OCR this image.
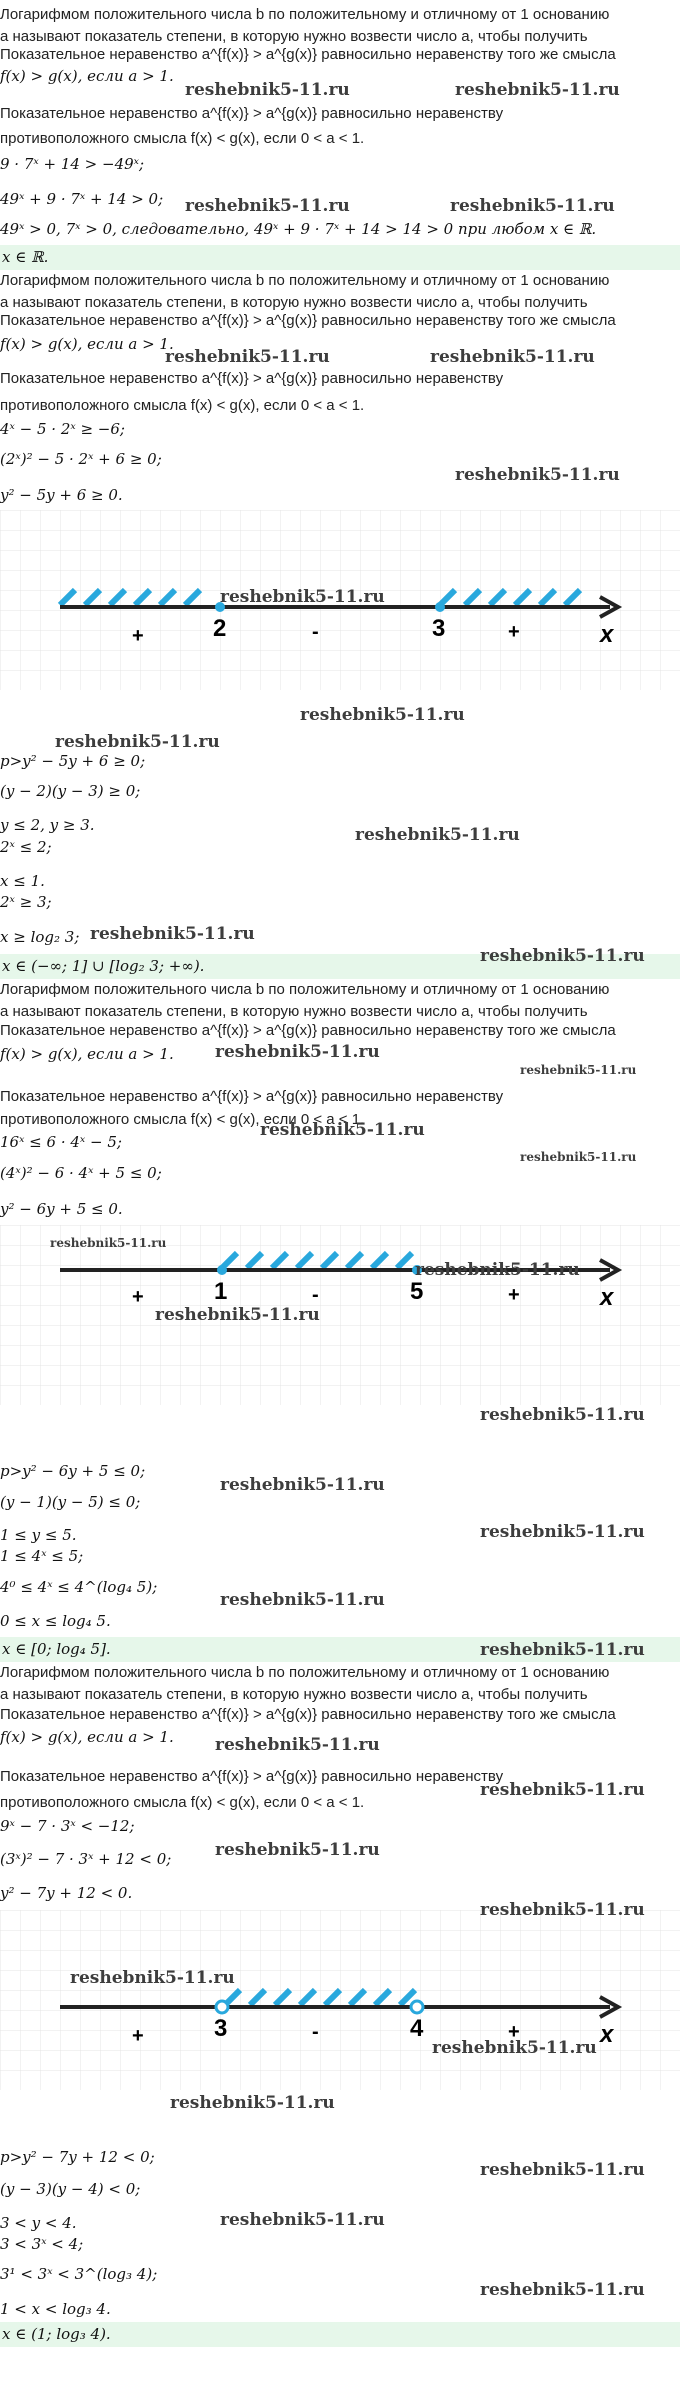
Логарифмом положительного числа b по положительному и отличному от 1 основанию
a называют показатель степени, в которую нужно возвести число a, чтобы получить
Показательное неравенство a^{f(x)} > a^{g(x)} равносильно неравенству того же смысла
f(x) > g(x), если a > 1.
Показательное неравенство a^{f(x)} > a^{g(x)} равносильно неравенству
противоположного смысла f(x) < g(x), если 0 < a < 1.
9 · 7ˣ + 14 > −49ˣ;
49ˣ + 9 · 7ˣ + 14 > 0;
49ˣ > 0, 7ˣ > 0, следовательно, 49ˣ + 9 · 7ˣ + 14 > 14 > 0 при любом x ∈ ℝ.
x ∈ ℝ.
Логарифмом положительного числа b по положительному и отличному от 1 основанию
a называют показатель степени, в которую нужно возвести число a, чтобы получить
Показательное неравенство a^{f(x)} > a^{g(x)} равносильно неравенству того же смысла
f(x) > g(x), если a > 1.
Показательное неравенство a^{f(x)} > a^{g(x)} равносильно неравенству
противоположного смысла f(x) < g(x), если 0 < a < 1.
4ˣ − 5 · 2ˣ ≥ −6;
(2ˣ)² − 5 · 2ˣ + 6 ≥ 0;
y² − 5y + 6 ≥ 0.
2	3
+	-	+	x
p>y² − 5y + 6 ≥ 0;
(y − 2)(y − 3) ≥ 0;
y ≤ 2, y ≥ 3.
2ˣ ≤ 2;
x ≤ 1.
2ˣ ≥ 3;
x ≥ log₂ 3;
x ∈ (−∞; 1] ∪ [log₂ 3; +∞).
Логарифмом положительного числа b по положительному и отличному от 1 основанию
a называют показатель степени, в которую нужно возвести число a, чтобы получить
Показательное неравенство a^{f(x)} > a^{g(x)} равносильно неравенству того же смысла
f(x) > g(x), если a > 1.
Показательное неравенство a^{f(x)} > a^{g(x)} равносильно неравенству
противоположного смысла f(x) < g(x), если 0 < a < 1.
16ˣ ≤ 6 · 4ˣ − 5;
(4ˣ)² − 6 · 4ˣ + 5 ≤ 0;
y² − 6y + 5 ≤ 0.
1	5
+	-	+	x
p>y² − 6y + 5 ≤ 0;
(y − 1)(y − 5) ≤ 0;
1 ≤ y ≤ 5.
1 ≤ 4ˣ ≤ 5;
4⁰ ≤ 4ˣ ≤ 4^(log₄ 5);
0 ≤ x ≤ log₄ 5.
x ∈ [0; log₄ 5].
Логарифмом положительного числа b по положительному и отличному от 1 основанию
a называют показатель степени, в которую нужно возвести число a, чтобы получить
Показательное неравенство a^{f(x)} > a^{g(x)} равносильно неравенству того же смысла
f(x) > g(x), если a > 1.
Показательное неравенство a^{f(x)} > a^{g(x)} равносильно неравенству
противоположного смысла f(x) < g(x), если 0 < a < 1.
9ˣ − 7 · 3ˣ < −12;
(3ˣ)² − 7 · 3ˣ + 12 < 0;
y² − 7y + 12 < 0.
3	4
+	-	+	x
p>y² − 7y + 12 < 0;
(y − 3)(y − 4) < 0;
3 < y < 4.
3 < 3ˣ < 4;
3¹ < 3ˣ < 3^(log₃ 4);
1 < x < log₃ 4.
x ∈ (1; log₃ 4).
reshebnik5-11.ru	reshebnik5-11.ru
reshebnik5-11.ru	reshebnik5-11.ru
reshebnik5-11.ru	reshebnik5-11.ru
reshebnik5-11.ru
reshebnik5-11.ru
reshebnik5-11.ru
reshebnik5-11.ru
reshebnik5-11.ru
reshebnik5-11.ru
reshebnik5-11.ru
reshebnik5-11.ru
reshebnik5-11.ru
reshebnik5-11.ru
reshebnik5-11.ru
reshebnik5-11.ru
reshebnik5-11.ru
reshebnik5-11.ru
reshebnik5-11.ru
reshebnik5-11.ru
reshebnik5-11.ru
reshebnik5-11.ru
reshebnik5-11.ru
reshebnik5-11.ru
reshebnik5-11.ru
reshebnik5-11.ru
reshebnik5-11.ru
reshebnik5-11.ru
reshebnik5-11.ru
reshebnik5-11.ru
reshebnik5-11.ru
reshebnik5-11.ru
reshebnik5-11.ru
